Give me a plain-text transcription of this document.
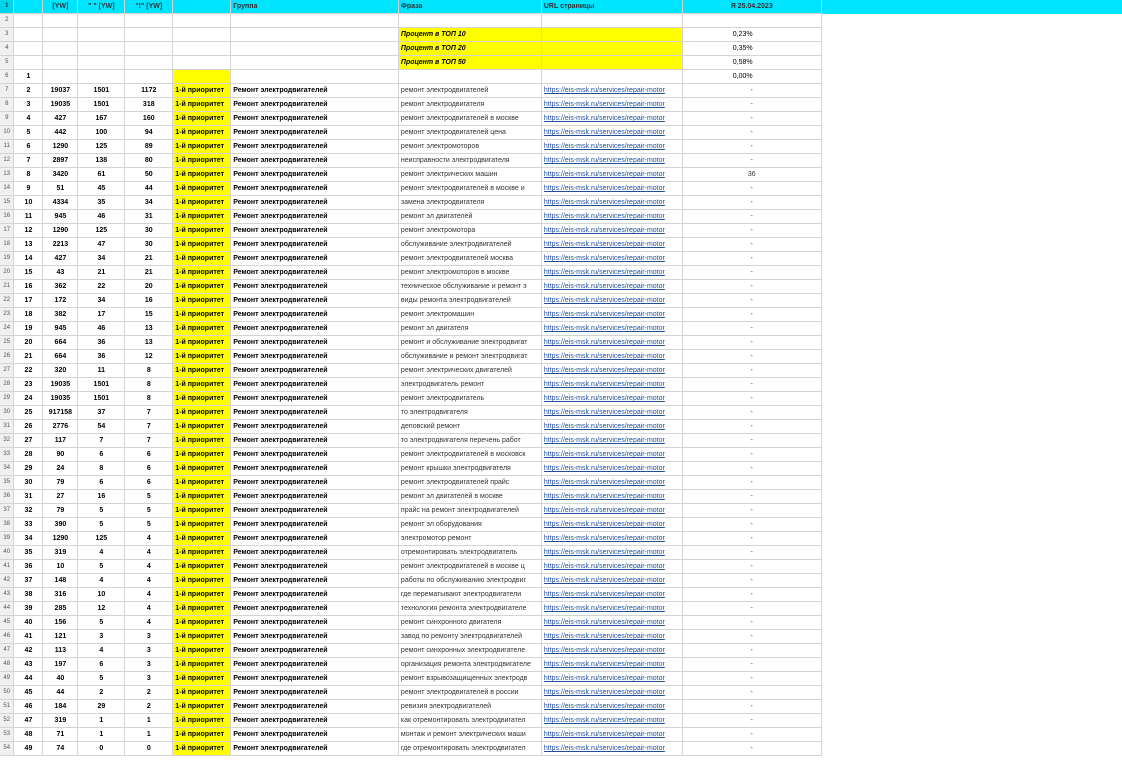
1		[YW]	" " [YW]	"!" [YW]		Группа	Фраза	URL страницы	Я 25.04.2023	
2										
3							Процент в ТОП 10		0,23%	
4							Процент в ТОП 20		0,35%	
5							Процент в ТОП 50		0,58%	
6	1								0,00%	
7	2	19037	1501	1172	1-й приоритет	Ремонт электродвигателей	ремонт электродвигателей	https://eis-msk.ru/services/repair-motor	-	
8	3	19035	1501	318	1-й приоритет	Ремонт электродвигателей	ремонт электродвигателя	https://eis-msk.ru/services/repair-motor	-	
9	4	427	167	160	1-й приоритет	Ремонт электродвигателей	ремонт электродвигателей в москве	https://eis-msk.ru/services/repair-motor	-	
10	5	442	100	94	1-й приоритет	Ремонт электродвигателей	ремонт электродвигателей цена	https://eis-msk.ru/services/repair-motor	-	
11	6	1290	125	89	1-й приоритет	Ремонт электродвигателей	ремонт электромоторов	https://eis-msk.ru/services/repair-motor	-	
12	7	2897	138	80	1-й приоритет	Ремонт электродвигателей	неисправности электродвигателя	https://eis-msk.ru/services/repair-motor	-	
13	8	3420	61	50	1-й приоритет	Ремонт электродвигателей	ремонт электрических машин	https://eis-msk.ru/services/repair-motor	36	
14	9	51	45	44	1-й приоритет	Ремонт электродвигателей	ремонт электродвигателей в москве и	https://eis-msk.ru/services/repair-motor	-	
15	10	4334	35	34	1-й приоритет	Ремонт электродвигателей	замена электродвигателя	https://eis-msk.ru/services/repair-motor	-	
16	11	945	46	31	1-й приоритет	Ремонт электродвигателей	ремонт эл двигателей	https://eis-msk.ru/services/repair-motor	-	
17	12	1290	125	30	1-й приоритет	Ремонт электродвигателей	ремонт электромотора	https://eis-msk.ru/services/repair-motor	-	
18	13	2213	47	30	1-й приоритет	Ремонт электродвигателей	обслуживание электродвигателей	https://eis-msk.ru/services/repair-motor	-	
19	14	427	34	21	1-й приоритет	Ремонт электродвигателей	ремонт электродвигателей москва	https://eis-msk.ru/services/repair-motor	-	
20	15	43	21	21	1-й приоритет	Ремонт электродвигателей	ремонт электромоторов в москве	https://eis-msk.ru/services/repair-motor	-	
21	16	362	22	20	1-й приоритет	Ремонт электродвигателей	техническое обслуживание и ремонт э	https://eis-msk.ru/services/repair-motor	-	
22	17	172	34	16	1-й приоритет	Ремонт электродвигателей	виды ремонта электродвигателей	https://eis-msk.ru/services/repair-motor	-	
23	18	382	17	15	1-й приоритет	Ремонт электродвигателей	ремонт электромашин	https://eis-msk.ru/services/repair-motor	-	
24	19	945	46	13	1-й приоритет	Ремонт электродвигателей	ремонт эл двигателя	https://eis-msk.ru/services/repair-motor	-	
25	20	664	36	13	1-й приоритет	Ремонт электродвигателей	ремонт и обслуживание электродвигат	https://eis-msk.ru/services/repair-motor	-	
26	21	664	36	12	1-й приоритет	Ремонт электродвигателей	обслуживание и ремонт электродвигат	https://eis-msk.ru/services/repair-motor	-	
27	22	320	11	8	1-й приоритет	Ремонт электродвигателей	ремонт электрических двигателей	https://eis-msk.ru/services/repair-motor	-	
28	23	19035	1501	8	1-й приоритет	Ремонт электродвигателей	электродвигатель ремонт	https://eis-msk.ru/services/repair-motor	-	
29	24	19035	1501	8	1-й приоритет	Ремонт электродвигателей	ремонт электродвигатель	https://eis-msk.ru/services/repair-motor	-	
30	25	917158	37	7	1-й приоритет	Ремонт электродвигателей	то электродвигателя	https://eis-msk.ru/services/repair-motor	-	
31	26	2776	54	7	1-й приоритет	Ремонт электродвигателей	деповский ремонт	https://eis-msk.ru/services/repair-motor	-	
32	27	117	7	7	1-й приоритет	Ремонт электродвигателей	то электродвигателя перечень работ	https://eis-msk.ru/services/repair-motor	-	
33	28	90	6	6	1-й приоритет	Ремонт электродвигателей	ремонт электродвигателей в московск	https://eis-msk.ru/services/repair-motor	-	
34	29	24	8	6	1-й приоритет	Ремонт электродвигателей	ремонт крышки электродвигателя	https://eis-msk.ru/services/repair-motor	-	
35	30	79	6	6	1-й приоритет	Ремонт электродвигателей	ремонт электродвигателей прайс	https://eis-msk.ru/services/repair-motor	-	
36	31	27	16	5	1-й приоритет	Ремонт электродвигателей	ремонт эл двигателей в москве	https://eis-msk.ru/services/repair-motor	-	
37	32	79	5	5	1-й приоритет	Ремонт электродвигателей	прайс на ремонт электродвигателей	https://eis-msk.ru/services/repair-motor	-	
38	33	390	5	5	1-й приоритет	Ремонт электродвигателей	ремонт эл оборудования	https://eis-msk.ru/services/repair-motor	-	
39	34	1290	125	4	1-й приоритет	Ремонт электродвигателей	электромотор ремонт	https://eis-msk.ru/services/repair-motor	-	
40	35	319	4	4	1-й приоритет	Ремонт электродвигателей	отремонтировать электродвигатель	https://eis-msk.ru/services/repair-motor	-	
41	36	10	5	4	1-й приоритет	Ремонт электродвигателей	ремонт электродвигателей в москве ц	https://eis-msk.ru/services/repair-motor	-	
42	37	148	4	4	1-й приоритет	Ремонт электродвигателей	работы по обслуживанию электродвиг	https://eis-msk.ru/services/repair-motor	-	
43	38	316	10	4	1-й приоритет	Ремонт электродвигателей	где перематывают электродвигатели	https://eis-msk.ru/services/repair-motor	-	
44	39	285	12	4	1-й приоритет	Ремонт электродвигателей	технология ремонта электродвигателе	https://eis-msk.ru/services/repair-motor	-	
45	40	156	5	4	1-й приоритет	Ремонт электродвигателей	ремонт синхронного двигателя	https://eis-msk.ru/services/repair-motor	-	
46	41	121	3	3	1-й приоритет	Ремонт электродвигателей	завод по ремонту электродвигателей	https://eis-msk.ru/services/repair-motor	-	
47	42	113	4	3	1-й приоритет	Ремонт электродвигателей	ремонт синхронных электродвигателе	https://eis-msk.ru/services/repair-motor	-	
48	43	197	6	3	1-й приоритет	Ремонт электродвигателей	организация ремонта электродвигателе	https://eis-msk.ru/services/repair-motor	-	
49	44	40	5	3	1-й приоритет	Ремонт электродвигателей	ремонт взрывозащищенных электродв	https://eis-msk.ru/services/repair-motor	-	
50	45	44	2	2	1-й приоритет	Ремонт электродвигателей	ремонт электродвигателей в россии	https://eis-msk.ru/services/repair-motor	-	
51	46	184	29	2	1-й приоритет	Ремонт электродвигателей	ревизия электродвигателей	https://eis-msk.ru/services/repair-motor	-	
52	47	319	1	1	1-й приоритет	Ремонт электродвигателей	как отремонтировать электродвигател	https://eis-msk.ru/services/repair-motor	-	
53	48	71	1	1	1-й приоритет	Ремонт электродвигателей	монтаж и ремонт электрических маши	https://eis-msk.ru/services/repair-motor	-	
54	49	74	0	0	1-й приоритет	Ремонт электродвигателей	где отремонтировать электродвигател	https://eis-msk.ru/services/repair-motor	-	
